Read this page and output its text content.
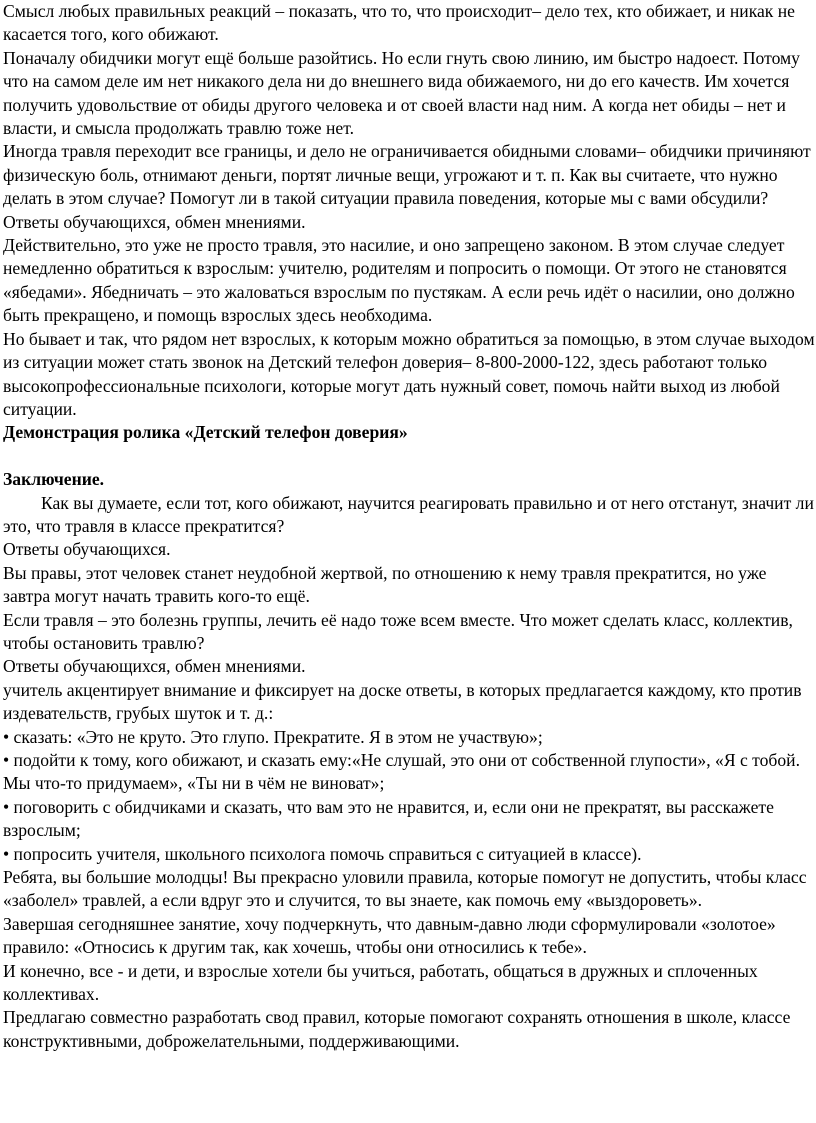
Смысл любых правильных реакций – показать, что то, что происходит– дело тех, кто обижает, и никак не касается того, кого обижают.

Поначалу обидчики могут ещё больше разойтись. Но если гнуть свою линию, им быстро надоест. Потому что на самом деле им нет никакого дела ни до внешнего вида обижаемого, ни до его качеств. Им хочется получить удовольствие от обиды другого человека и от своей власти над ним. А когда нет обиды – нет и власти, и смысла продолжать травлю тоже нет.

Иногда травля переходит все границы, и дело не ограничивается обидными словами– обидчики причиняют физическую боль, отнимают деньги, портят личные вещи, угрожают и т. п. Как вы считаете, что нужно делать в этом случае? Помогут ли в такой ситуации правила поведения, которые мы с вами обсудили?

Ответы обучающихся, обмен мнениями.

Действительно, это уже не просто травля, это насилие, и оно запрещено законом. В этом случае следует немедленно обратиться к взрослым: учителю, родителям и попросить о помощи. От этого не становятся «ябедами». Ябедничать – это жаловаться взрослым по пустякам. А если речь идёт о насилии, оно должно быть прекращено, и помощь взрослых здесь необходима.

Но бывает и так, что рядом нет взрослых, к которым можно обратиться за помощью, в этом случае выходом из ситуации может стать звонок на Детский телефон доверия– 8-800-2000-122, здесь работают только высокопрофессиональные психологи, которые могут дать нужный совет, помочь найти выход из любой ситуации.

Демонстрация ролика «Детский телефон доверия»

Заключение.

Как вы думаете, если тот, кого обижают, научится реагировать правильно и от него отстанут, значит ли это, что травля в классе прекратится?

Ответы обучающихся.

Вы правы, этот человек станет неудобной жертвой, по отношению к нему травля прекратится, но уже завтра могут начать травить кого-то ещё.

Если травля – это болезнь группы, лечить её надо тоже всем вместе. Что может сделать класс, коллектив, чтобы остановить травлю?

Ответы обучающихся, обмен мнениями.

учитель акцентирует внимание и фиксирует на доске ответы, в которых предлагается каждому, кто против издевательств, грубых шуток и т. д.:

• сказать: «Это не круто. Это глупо. Прекратите. Я в этом не участвую»;

• подойти к тому, кого обижают, и сказать ему:«Не слушай, это они от собственной глупости», «Я с тобой. Мы что-то придумаем», «Ты ни в чём не виноват»;

• поговорить с обидчиками и сказать, что вам это не нравится, и, если они не прекратят, вы расскажете взрослым;

• попросить учителя, школьного психолога помочь справиться с ситуацией в классе).

Ребята, вы большие молодцы! Вы прекрасно уловили правила, которые помогут не допустить, чтобы класс «заболел» травлей, а если вдруг это и случится, то вы знаете, как помочь ему «выздороветь».

Завершая сегодняшнее занятие, хочу подчеркнуть, что давным-давно люди сформулировали «золотое» правило: «Относись к другим так, как хочешь, чтобы они относились к тебе».

И конечно, все - и дети, и взрослые хотели бы учиться, работать, общаться в дружных и сплоченных коллективах.

Предлагаю совместно разработать свод правил, которые помогают сохранять отношения в школе, классе конструктивными, доброжелательными, поддерживающими.
